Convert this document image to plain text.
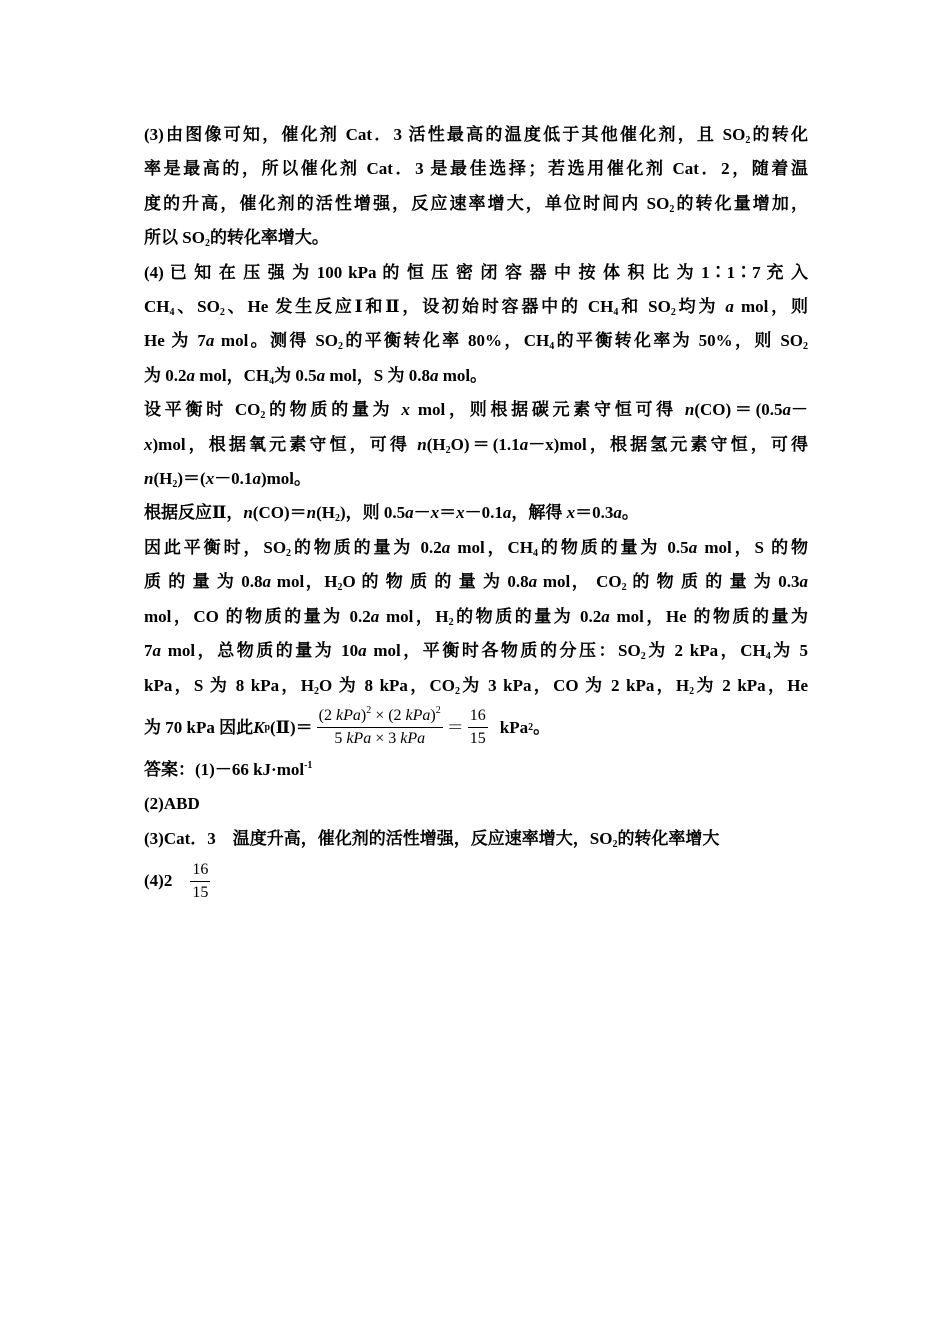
(3)由图像可知，催化剂 Cat．3 活性最高的温度低于其他催化剂，且 $SO_2$的转化
率是最高的，所以催化剂 Cat．3 是最佳选择；若选用催化剂 Cat．2，随着温
度的升高，催化剂的活性增强，反应速率增大，单位时间内 $SO_2$的转化量增加，
所以 $SO_2$的转化率增大。
(4) 已 知 在 压 强 为 100 kPa 的 恒 压 密 闭 容 器 中 按 体 积 比 为 1∶1∶7 充 入
$CH_4$、$SO_2$、He 发生反应Ⅰ和Ⅱ，设初始时容器中的 $CH_4$和 $SO_2$均为 a mol，则
He 为 7a mol。测得 $SO_2$的平衡转化率 80%，$CH_4$的平衡转化率为 50%，则 $SO_2$
为 0.2a mol，$CH_4$为 0.5a mol，S 为 0.8a mol。
设平衡时 $CO_2$的物质的量为 x mol，则根据碳元素守恒可得 n(CO)＝(0.5a－
x)mol，根据氧元素守恒，可得 $n(H_2O)=(1.1a-x)mol$，根据氢元素守恒，可得
$n(H_2)=(x-0.1a)mol$。
根据反应Ⅱ，$n(CO)=n(H_2)$，则 0.5a－x＝x－0.1a，解得 x＝0.3a。
因此平衡时，$SO_2$的物质的量为 0.2a mol，$CH_4$的物质的量为 0.5a mol，S 的物
质 的 量 为 0.8a mol，$H_2O$ 的 物 质 的 量 为 0.8a mol， $CO_2$ 的 物 质 的 量 为 0.3a
mol，CO 的物质的量为 0.2a mol，$H_2$的物质的量为 0.2a mol，He 的物质的量为
7a mol，总物质的量为 10a mol，平衡时各物质的分压：$SO_2$为 2 kPa，$CH_4$为 5
kPa，S 为 8 kPa，$H_2O$ 为 8 kPa，$CO_2$为 3 kPa，CO 为 2 kPa，$H_2$为 2 kPa，He
为 70 kPa 因此 K p (Ⅱ)＝ $\frac{(2 kPa)^2 \times (2 kPa)^2}{\text{5 kPa × 3 kPa}} = \frac{16}{15}$ kPa 2 。
答案：(1)－66 kJ·mol$^{-1}$
(2)ABD
(3)Cat．3　温度升高，催化剂的活性增强，反应速率增大，$SO_2$的转化率增大
$(4)2 \frac{16}{15}$
